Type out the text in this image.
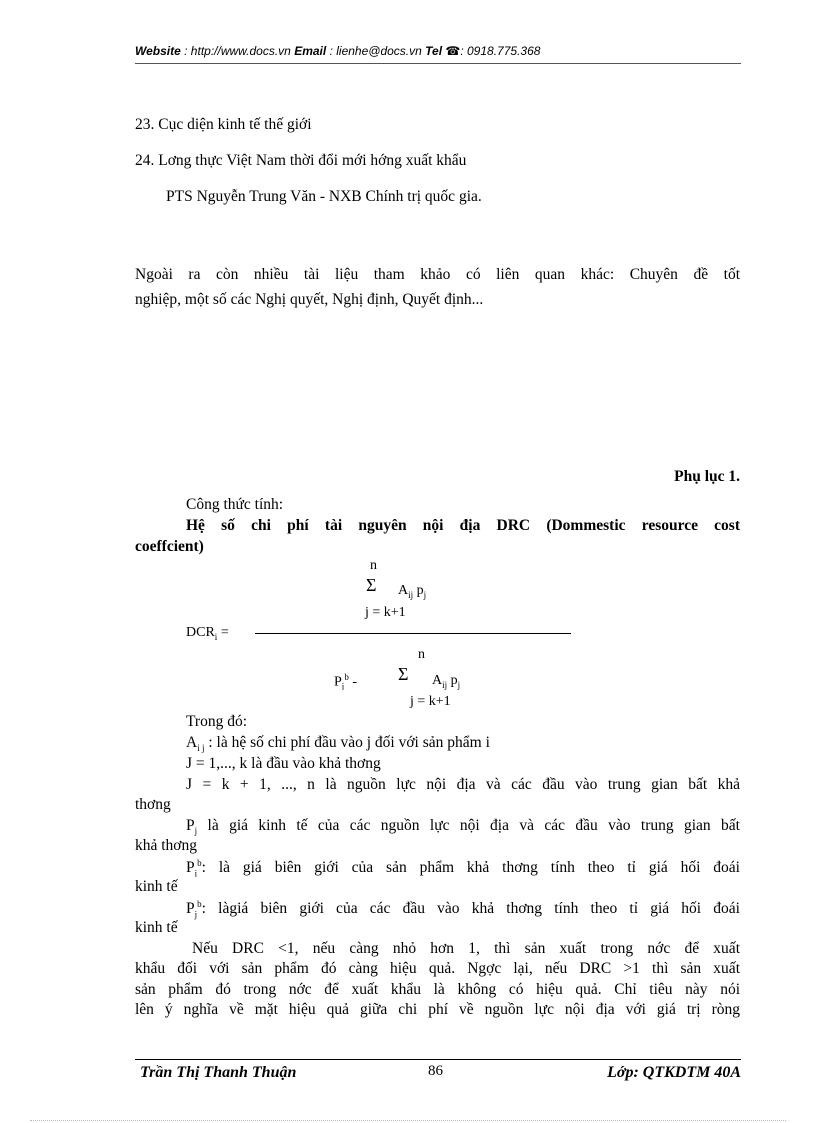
Website : http://www.docs.vn Email : lienhe@docs.vn Tel ☎: 0918.775.368
23. Cục diện kinh tế thế giới
24. Lơng thực Việt Nam thời đổi mới hớng xuất khẩu
PTS Nguyễn Trung Văn - NXB Chính trị quốc gia.
Ngoài ra còn nhiều tài liệu tham khảo có liên quan khác: Chuyên đề tốt
nghiệp, một số các Nghị quyết, Nghị định, Quyết định...
Phụ lục 1.
Công thức tính:
Hệ số chi phí tài nguyên nội địa DRC (Dommestic resource cost
coeffcient)
n
Σ $A_{ij}$ $p_j$
j = k+1
$DCR_i$ =
n
$P_i^b$ - Σ $A_{ij}$ $p_j$
j = k+1
Trong đó:
$A_{i j}$ : là hệ số chi phí đầu vào j đối với sản phẩm i
J = 1,..., k là đầu vào khả thơng
J = k + 1, ..., n là nguồn lực nội địa và các đầu vào trung gian bất khả
thơng
$P_j$ là giá kinh tế của các nguồn lực nội địa và các đầu vào trung gian bất
khả thơng
$P_i^b$: là giá biên giới của sản phẩm khả thơng tính theo tỉ giá hối đoái
kinh tế
$P_j^b$: làgiá biên giới của các đầu vào khả thơng tính theo tỉ giá hối đoái
kinh tế
Nếu DRC <1, nếu càng nhỏ hơn 1, thì sản xuất trong nớc để xuất
khẩu đối với sản phẩm đó càng hiệu quả. Ngợc lại, nếu DRC >1 thì sản xuất
sản phẩm đó trong nớc để xuất khẩu là không có hiệu quả. Chỉ tiêu này nói
lên ý nghĩa về mặt hiệu quả giữa chi phí về nguồn lực nội địa với giá trị ròng
Trần Thị Thanh Thuận	86	Lớp: QTKDTM 40A
